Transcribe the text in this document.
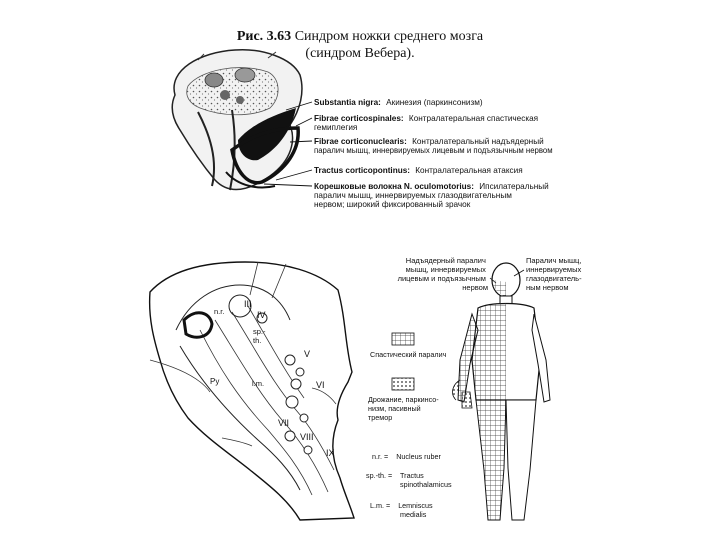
Рис. 3.63 Синдром ножки среднего мозга
(синдром Вебера).
Substantia nigra: Акинезия (паркинсонизм)
Fibrae corticospinales: Контралатеральная спастическая
гемиплегия
Fibrae corticonuclearis: Контралатеральный надъядерный
паралич мышц, иннервируемых лицевым и подъязычным нервом
Tractus corticopontinus: Контралатеральная атаксия
Корешковые волокна N. oculomotorius: Ипсилатеральный
паралич мышц, иннервируемых глазодвигательным
нервом; широкий фиксированный зрачок
III
IV
V
VI
VII
VIII
IX
n.r.
sp.-
th.
Py	l.m.
Надъядерный паралич мышц, иннервируемых лицевым и подъязычным нервом
Паралич мышц, иннервируемых глазодвигатель- ным нервом
Спастический паралич
Дрожание, паркинсо- низм, пасивный тремор
n.r. = Nucleus ruber
sp.-th. = Tractus
spinothalamicus
L.m. = Lemniscus
medialis
